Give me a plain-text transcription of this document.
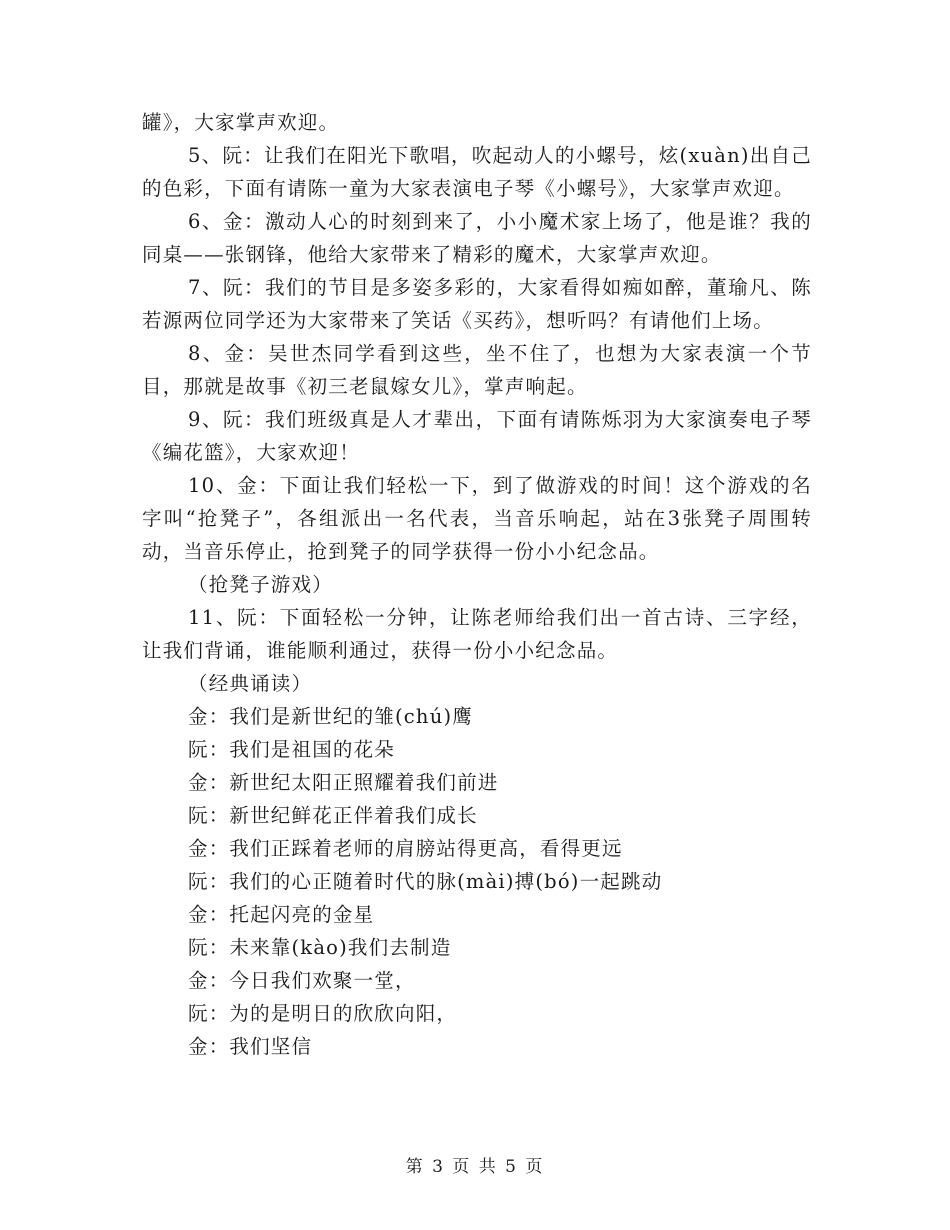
罐》，大家掌声欢迎。

5、阮：让我们在阳光下歌唱，吹起动人的小螺号，炫(xuàn)出自己的色彩，下面有请陈一童为大家表演电子琴《小螺号》，大家掌声欢迎。

6、金：激动人心的时刻到来了，小小魔术家上场了，他是谁？我的同桌——张钢锋，他给大家带来了精彩的魔术，大家掌声欢迎。

7、阮：我们的节目是多姿多彩的，大家看得如痴如醉，董瑜凡、陈若源两位同学还为大家带来了笑话《买药》，想听吗？有请他们上场。

8、金：吴世杰同学看到这些，坐不住了，也想为大家表演一个节目，那就是故事《初三老鼠嫁女儿》，掌声响起。

9、阮：我们班级真是人才辈出，下面有请陈烁羽为大家演奏电子琴《编花篮》，大家欢迎！

10、金：下面让我们轻松一下，到了做游戏的时间！这个游戏的名字叫“抢凳子”，各组派出一名代表，当音乐响起，站在3张凳子周围转动，当音乐停止，抢到凳子的同学获得一份小小纪念品。

（抢凳子游戏）

11、阮：下面轻松一分钟，让陈老师给我们出一首古诗、三字经，让我们背诵，谁能顺利通过，获得一份小小纪念品。

（经典诵读）

金：我们是新世纪的雏(chú)鹰

阮：我们是祖国的花朵

金：新世纪太阳正照耀着我们前进

阮：新世纪鲜花正伴着我们成长

金：我们正踩着老师的肩膀站得更高，看得更远

阮：我们的心正随着时代的脉(mài)搏(bó)一起跳动

金：托起闪亮的金星

阮：未来靠(kào)我们去制造

金：今日我们欢聚一堂，

阮：为的是明日的欣欣向阳，

金：我们坚信

第 3 页 共 5 页
